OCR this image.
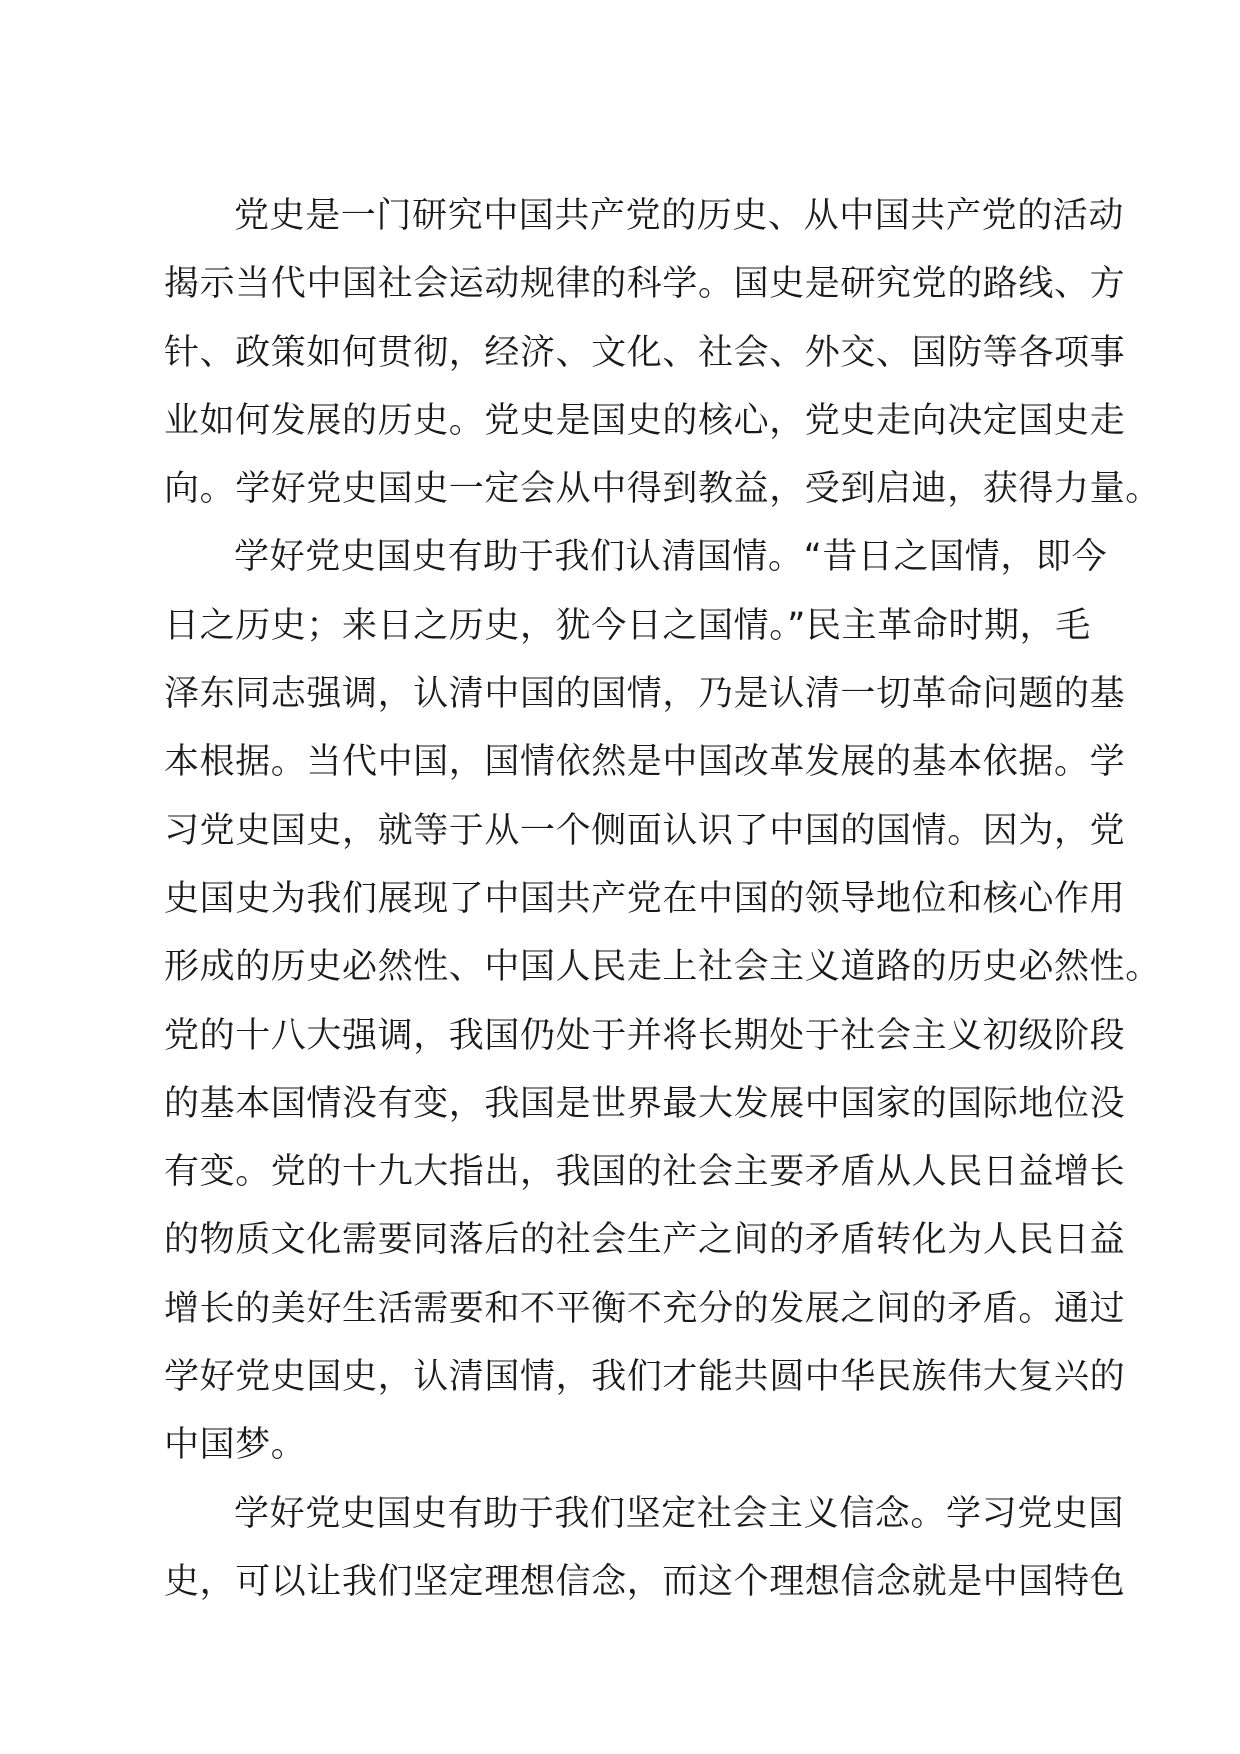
党史是一门研究中国共产党的历史、从中国共产党的活动
揭示当代中国社会运动规律的科学。国史是研究党的路线、方
针、政策如何贯彻，经济、文化、社会、外交、国防等各项事
业如何发展的历史。党史是国史的核心，党史走向决定国史走
向。学好党史国史一定会从中得到教益，受到启迪，获得力量。
学好党史国史有助于我们认清国情。“昔日之国情，即今
日之历史；来日之历史，犹今日之国情。”民主革命时期，毛
泽东同志强调，认清中国的国情，乃是认清一切革命问题的基
本根据。当代中国，国情依然是中国改革发展的基本依据。学
习党史国史，就等于从一个侧面认识了中国的国情。因为，党
史国史为我们展现了中国共产党在中国的领导地位和核心作用
形成的历史必然性、中国人民走上社会主义道路的历史必然性。
党的十八大强调，我国仍处于并将长期处于社会主义初级阶段
的基本国情没有变，我国是世界最大发展中国家的国际地位没
有变。党的十九大指出，我国的社会主要矛盾从人民日益增长
的物质文化需要同落后的社会生产之间的矛盾转化为人民日益
增长的美好生活需要和不平衡不充分的发展之间的矛盾。通过
学好党史国史，认清国情，我们才能共圆中华民族伟大复兴的
中国梦。
学好党史国史有助于我们坚定社会主义信念。学习党史国
史，可以让我们坚定理想信念，而这个理想信念就是中国特色
